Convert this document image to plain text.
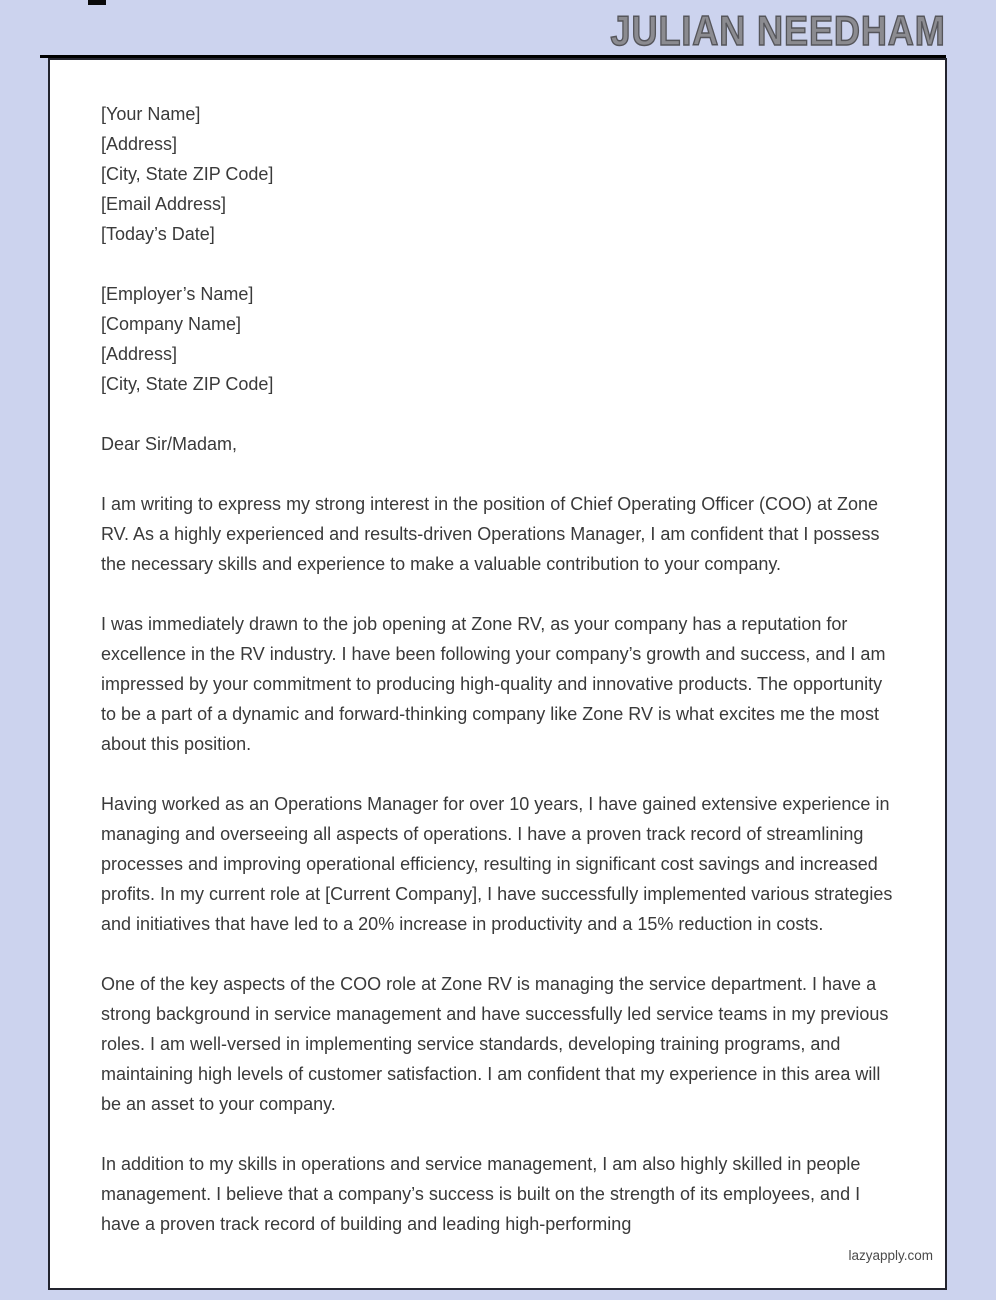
JULIAN NEEDHAM
[Your Name]
[Address]
[City, State ZIP Code]
[Email Address]
[Today’s Date]
[Employer’s Name]
[Company Name]
[Address]
[City, State ZIP Code]
Dear Sir/Madam,

I am writing to express my strong interest in the position of Chief Operating Officer (COO) at Zone RV. As a highly experienced and results-driven Operations Manager, I am confident that I possess the necessary skills and experience to make a valuable contribution to your company.

I was immediately drawn to the job opening at Zone RV, as your company has a reputation for excellence in the RV industry. I have been following your company’s growth and success, and I am impressed by your commitment to producing high-quality and innovative products. The opportunity to be a part of a dynamic and forward-thinking company like Zone RV is what excites me the most about this position.

Having worked as an Operations Manager for over 10 years, I have gained extensive experience in managing and overseeing all aspects of operations. I have a proven track record of streamlining processes and improving operational efficiency, resulting in significant cost savings and increased profits. In my current role at [Current Company], I have successfully implemented various strategies and initiatives that have led to a 20% increase in productivity and a 15% reduction in costs.

One of the key aspects of the COO role at Zone RV is managing the service department. I have a strong background in service management and have successfully led service teams in my previous roles. I am well-versed in implementing service standards, developing training programs, and maintaining high levels of customer satisfaction. I am confident that my experience in this area will be an asset to your company.

In addition to my skills in operations and service management, I am also highly skilled in people management. I believe that a company’s success is built on the strength of its employees, and I have a proven track record of building and leading high-performing

lazyapply.com
